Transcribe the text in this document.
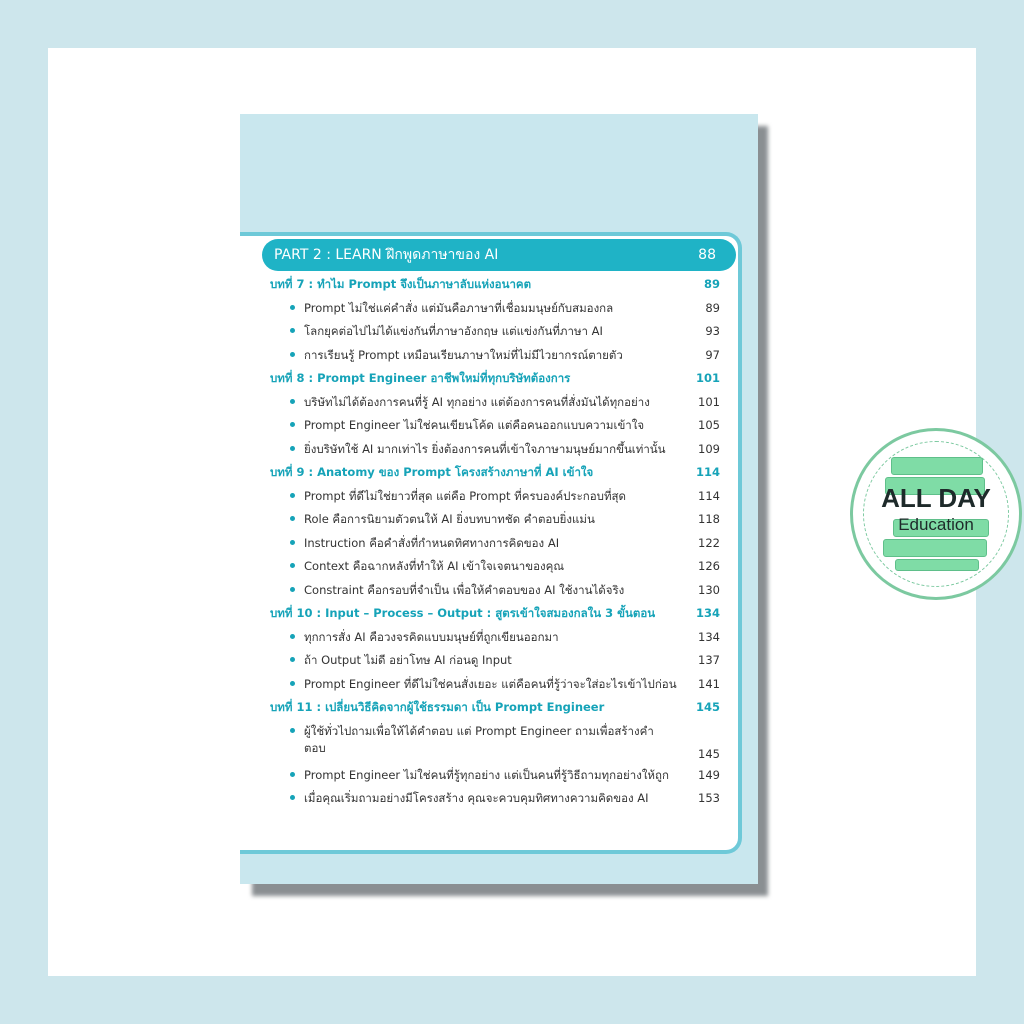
PART 2 : LEARN ฝึกพูดภาษาของ AI	88
บทที่ 7 : ทำไม Prompt จึงเป็นภาษาลับแห่งอนาคต	89
Prompt ไม่ใช่แค่คำสั่ง แต่มันคือภาษาที่เชื่อมมนุษย์กับสมองกล	89
โลกยุคต่อไปไม่ได้แข่งกันที่ภาษาอังกฤษ แต่แข่งกันที่ภาษา AI	93
การเรียนรู้ Prompt เหมือนเรียนภาษาใหม่ที่ไม่มีไวยากรณ์ตายตัว	97
บทที่ 8 : Prompt Engineer อาชีพใหม่ที่ทุกบริษัทต้องการ	101
บริษัทไม่ได้ต้องการคนที่รู้ AI ทุกอย่าง แต่ต้องการคนที่สั่งมันได้ทุกอย่าง	101
Prompt Engineer ไม่ใช่คนเขียนโค้ด แต่คือคนออกแบบความเข้าใจ	105
ยิ่งบริษัทใช้ AI มากเท่าไร ยิ่งต้องการคนที่เข้าใจภาษามนุษย์มากขึ้นเท่านั้น	109
บทที่ 9 : Anatomy ของ Prompt โครงสร้างภาษาที่ AI เข้าใจ	114
Prompt ที่ดีไม่ใช่ยาวที่สุด แต่คือ Prompt ที่ครบองค์ประกอบที่สุด	114
Role คือการนิยามตัวตนให้ AI ยิ่งบทบาทชัด คำตอบยิ่งแม่น	118
Instruction คือคำสั่งที่กำหนดทิศทางการคิดของ AI	122
Context คือฉากหลังที่ทำให้ AI เข้าใจเจตนาของคุณ	126
Constraint คือกรอบที่จำเป็น เพื่อให้คำตอบของ AI ใช้งานได้จริง	130
บทที่ 10 : Input – Process – Output : สูตรเข้าใจสมองกลใน 3 ขั้นตอน	134
ทุกการสั่ง AI คือวงจรคิดแบบมนุษย์ที่ถูกเขียนออกมา	134
ถ้า Output ไม่ดี อย่าโทษ AI ก่อนดู Input	137
Prompt Engineer ที่ดีไม่ใช่คนสั่งเยอะ แต่คือคนที่รู้ว่าจะใส่อะไรเข้าไปก่อน	141
บทที่ 11 : เปลี่ยนวิธีคิดจากผู้ใช้ธรรมดา เป็น Prompt Engineer	145
ผู้ใช้ทั่วไปถามเพื่อให้ได้คำตอบ แต่ Prompt Engineer ถามเพื่อสร้างคำตอบ	145
Prompt Engineer ไม่ใช่คนที่รู้ทุกอย่าง แต่เป็นคนที่รู้วิธีถามทุกอย่างให้ถูก	149
เมื่อคุณเริ่มถามอย่างมีโครงสร้าง คุณจะควบคุมทิศทางความคิดของ AI	153
ALL DAY
Education
